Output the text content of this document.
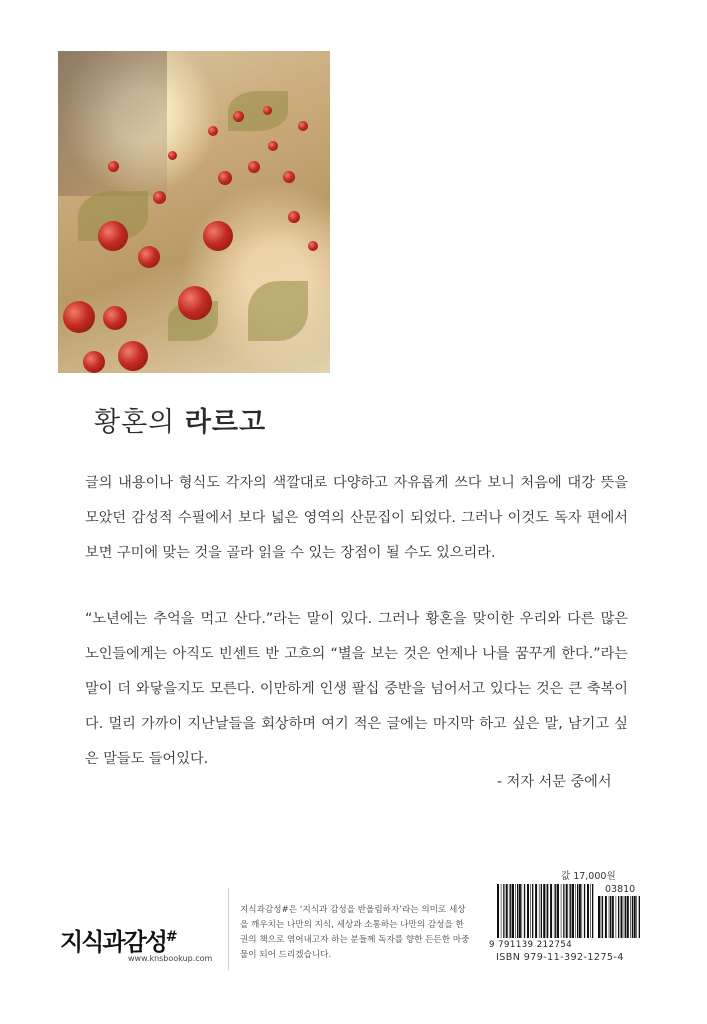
황혼의 라르고

글의 내용이나 형식도 각자의 색깔대로 다양하고 자유롭게 쓰다 보니 처음에 대강 뜻을 모았던 감성적 수필에서 보다 넓은 영역의 산문집이 되었다. 그러나 이것도 독자 편에서 보면 구미에 맞는 것을 골라 읽을 수 있는 장점이 될 수도 있으리라.

“노년에는 추억을 먹고 산다.”라는 말이 있다. 그러나 황혼을 맞이한 우리와 다른 많은 노인들에게는 아직도 빈센트 반 고흐의 “별을 보는 것은 언제나 나를 꿈꾸게 한다.”라는 말이 더 와닿을지도 모른다. 이만하게 인생 팔십 중반을 넘어서고 있다는 것은 큰 축복이다. 멀리 가까이 지난날들을 회상하며 여기 적은 글에는 마지막 하고 싶은 말, 남기고 싶은 말들도 들어있다.

- 저자 서문 중에서
지식과감성#
www.knsbookup.com

지식과감성#은 ‘지식과 감성을 반올림하자’라는 의미로 세상을 깨우치는 나만의 지식, 세상과 소통하는 나만의 감성을 한 권의 책으로 엮어내고자 하는 분들께 독자를 향한 든든한 마중물이 되어 드리겠습니다.

값 17,000원
03810
9 791139 212754
ISBN 979-11-392-1275-4
